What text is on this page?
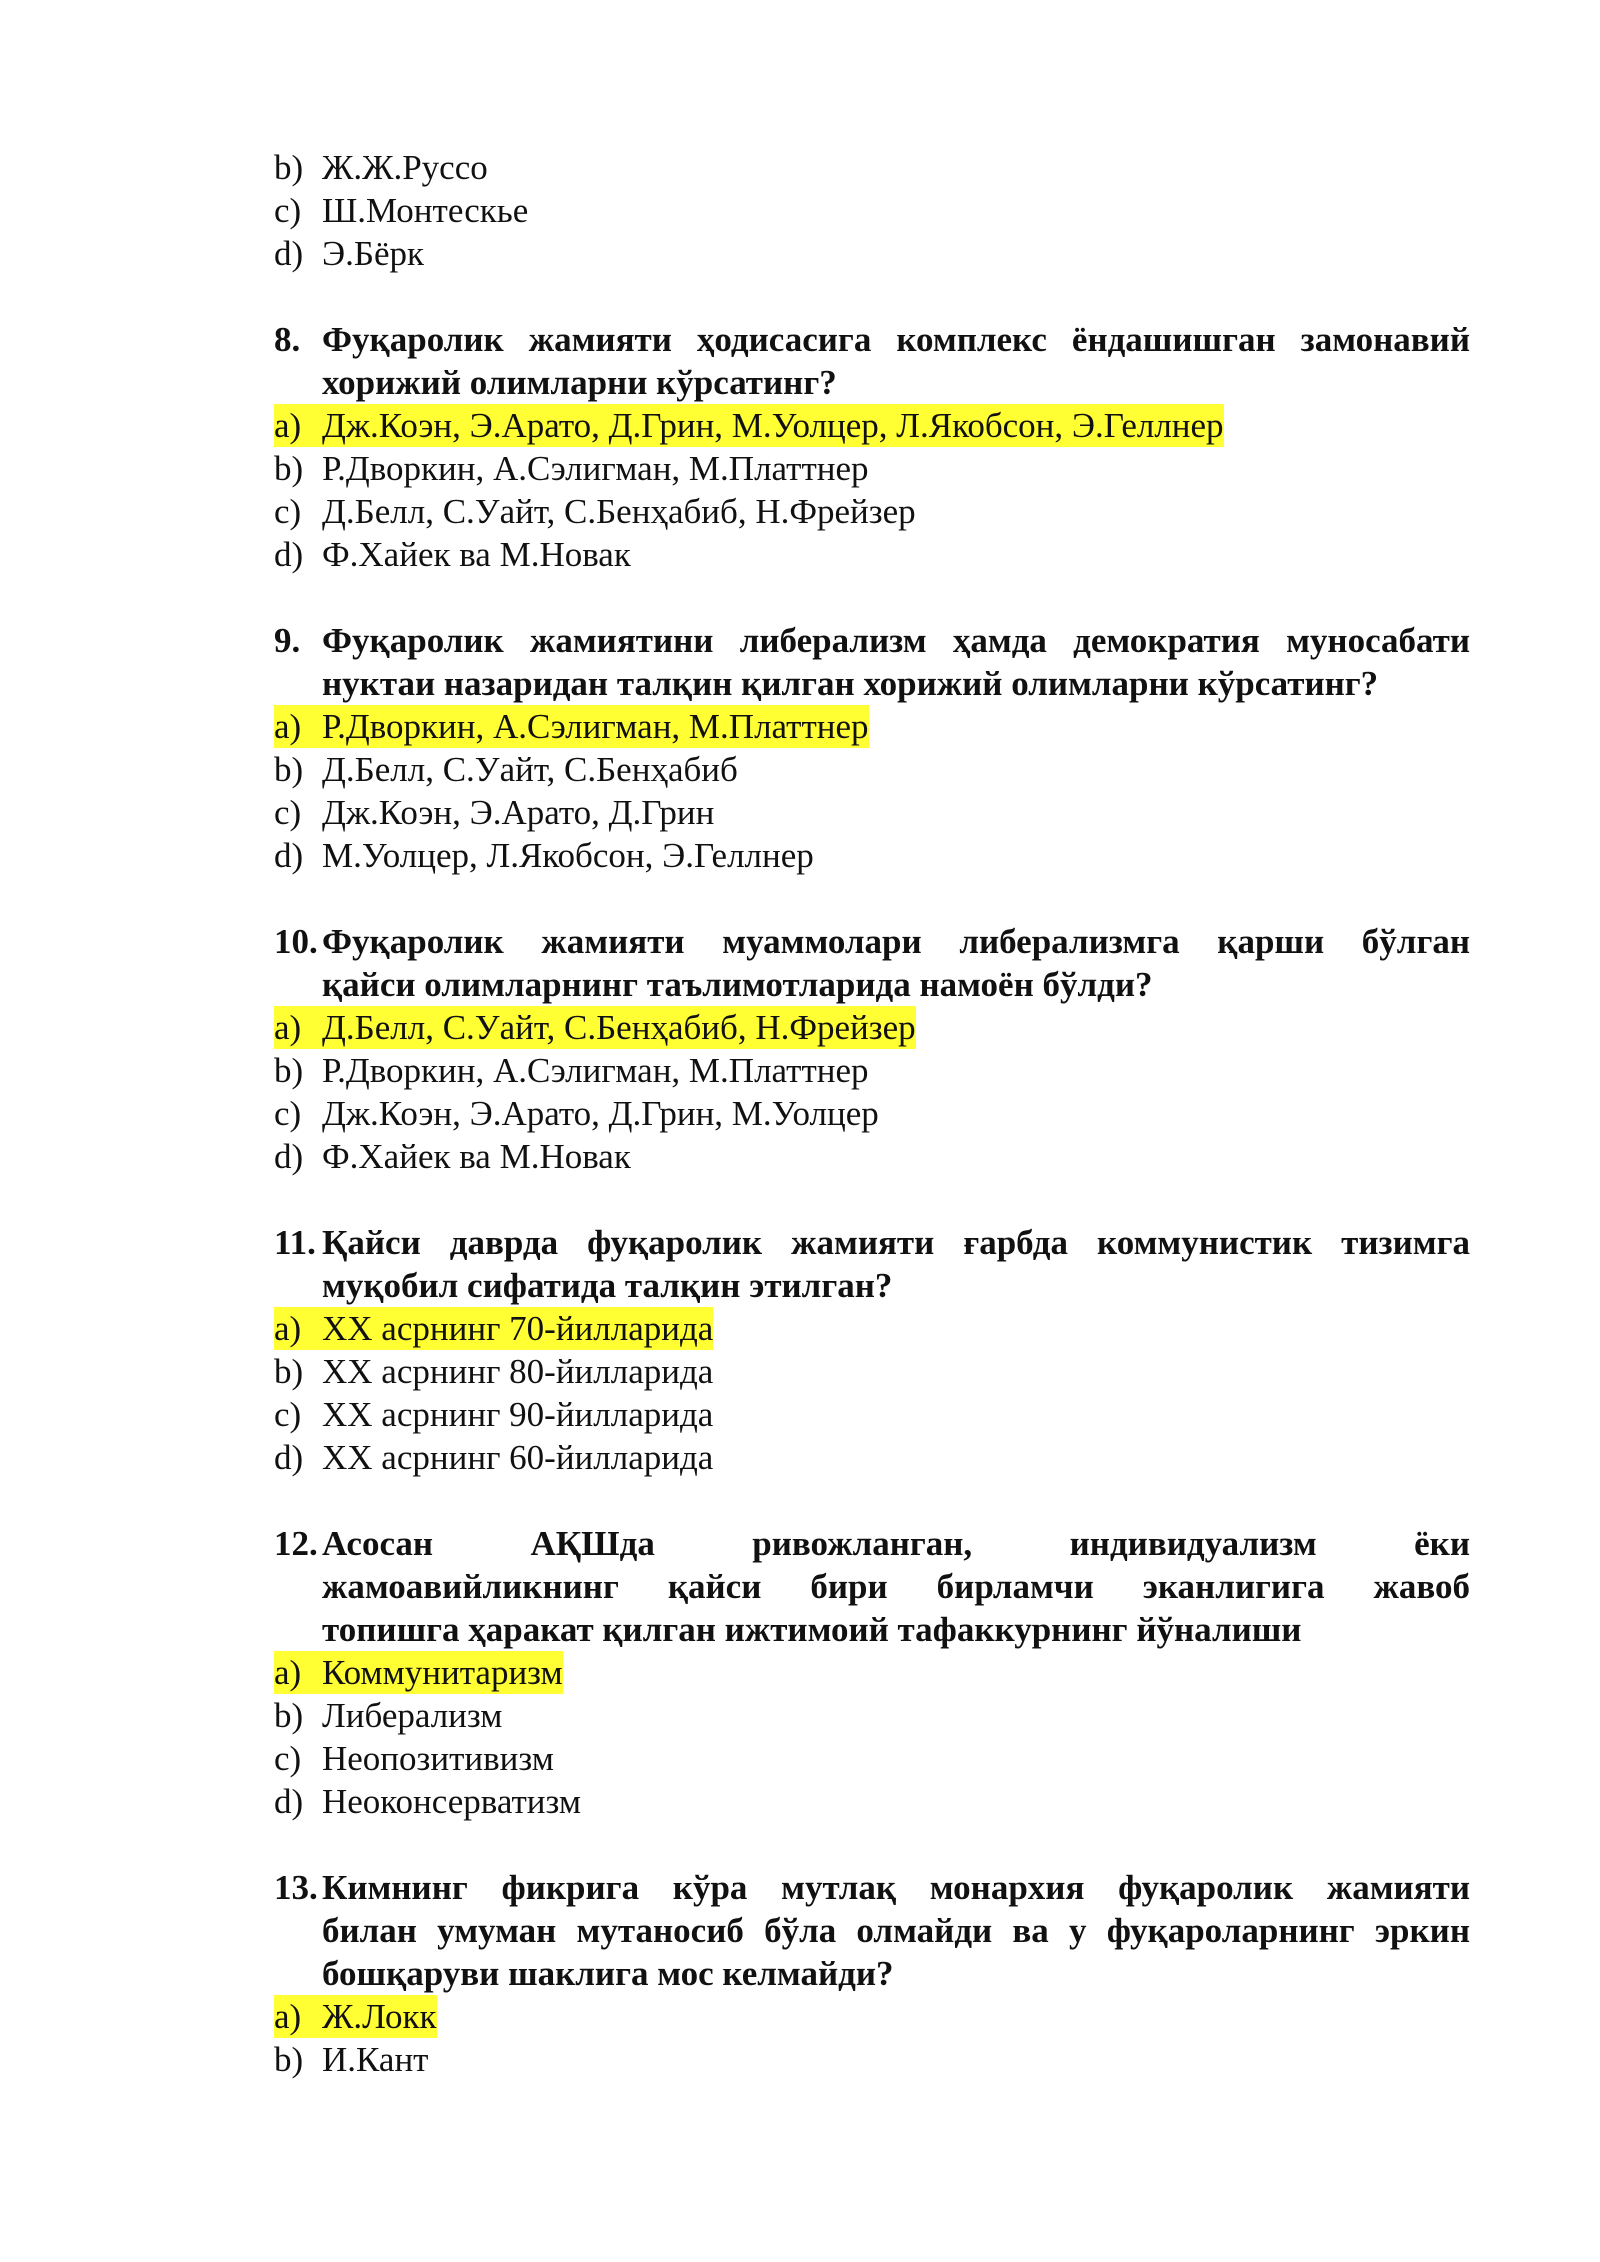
b) Ж.Ж.Руссо
c) Ш.Монтескье
d) Э.Бёрк
8. Фуқаролик жамияти ҳодисасига комплекс ёндашишган замонавий
хорижий олимларни кўрсатинг?
a) Дж.Коэн, Э.Арато, Д.Грин, М.Уолцер, Л.Якобсон, Э.Геллнер
b) Р.Дворкин, А.Сэлигман, М.Платтнер
c) Д.Белл, С.Уайт, С.Бенҳабиб, Н.Фрейзер
d) Ф.Хайек ва М.Новак
9. Фуқаролик жамиятини либерализм ҳамда демократия муносабати
нуктаи назаридан талқин қилган хорижий олимларни кўрсатинг?
a) Р.Дворкин, А.Сэлигман, М.Платтнер
b) Д.Белл, С.Уайт, С.Бенҳабиб
c) Дж.Коэн, Э.Арато, Д.Грин
d) М.Уолцер, Л.Якобсон, Э.Геллнер
10. Фуқаролик жамияти муаммолари либерализмга қарши бўлган
қайси олимларнинг таълимотларида намоён бўлди?
a) Д.Белл, С.Уайт, С.Бенҳабиб, Н.Фрейзер
b) Р.Дворкин, А.Сэлигман, М.Платтнер
c) Дж.Коэн, Э.Арато, Д.Грин, М.Уолцер
d) Ф.Хайек ва М.Новак
11. Қайси даврда фуқаролик жамияти ғарбда коммунистик тизимга
муқобил сифатида талқин этилган?
a) XX асрнинг 70-йилларида
b) XX асрнинг 80-йилларида
c) XX асрнинг 90-йилларида
d) XX асрнинг 60-йилларида
12. Асосан АҚШда ривожланган, индивидуализм ёки
жамоавийликнинг қайси бири бирламчи эканлигига жавоб
топишга ҳаракат қилган ижтимоий тафаккурнинг йўналиши
a) Коммунитаризм
b) Либерализм
c) Неопозитивизм
d) Неоконсерватизм
13. Кимнинг фикрига кўра мутлақ монархия фуқаролик жамияти
билан умуман мутаносиб бўла олмайди ва у фуқароларнинг эркин
бошқаруви шаклига мос келмайди?
a) Ж.Локк
b) И.Кант
